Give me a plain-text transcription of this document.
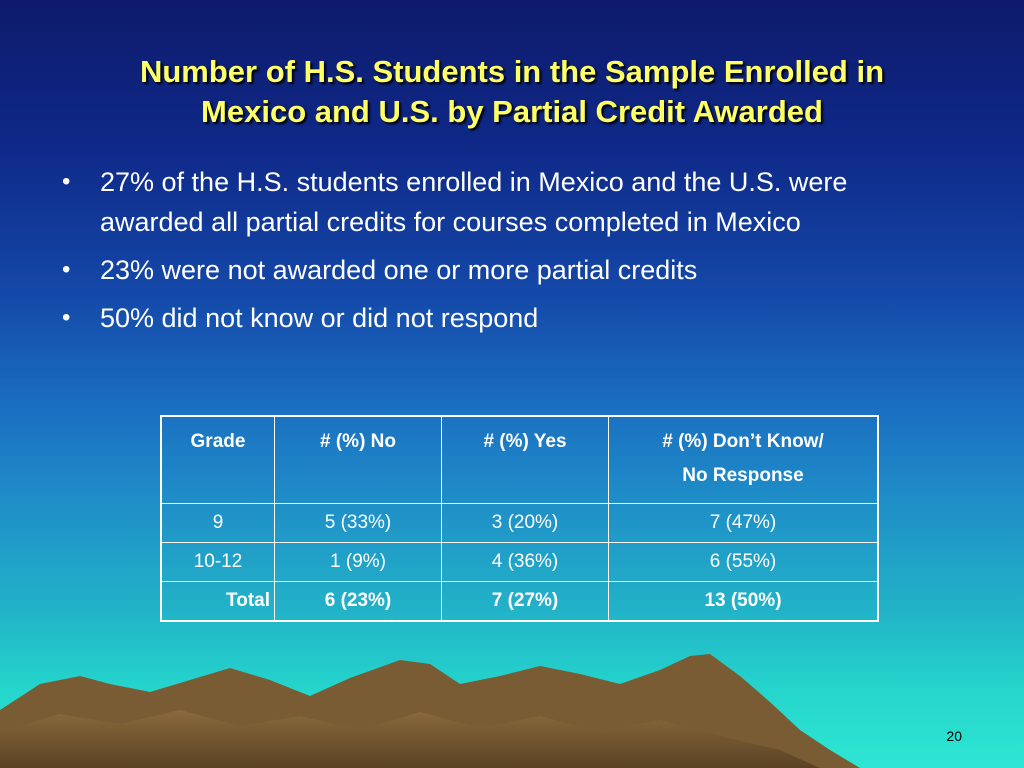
Number of H.S. Students in the Sample Enrolled in
Mexico and U.S. by Partial Credit Awarded
• 27% of the H.S. students enrolled in Mexico and the U.S. were awarded all partial credits for courses completed in Mexico
• 23% were not awarded one or more partial credits
• 50% did not know or did not respond
Grade	# (%) No	# (%) Yes	# (%) Don’t Know/
No Response
9	5 (33%)	3 (20%)	7 (47%)
10-12	1 (9%)	4 (36%)	6 (55%)
Total	6 (23%)	7 (27%)	13 (50%)
20
